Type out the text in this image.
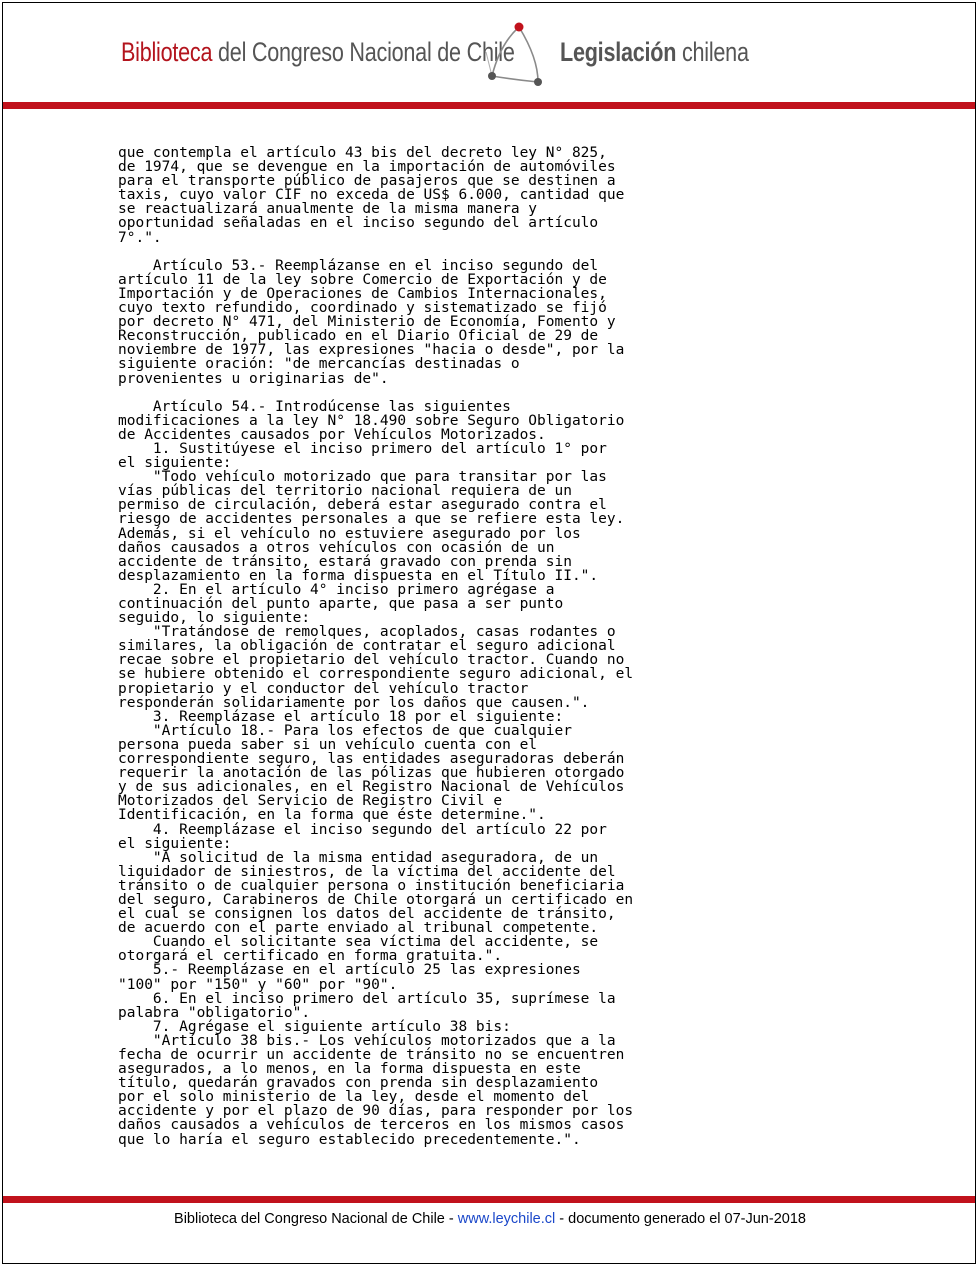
Biblioteca del Congreso Nacional de Chile Legislación chilena
que contempla el artículo 43 bis del decreto ley N° 825,
de 1974, que se devengue en la importación de automóviles
para el transporte público de pasajeros que se destinen a
taxis, cuyo valor CIF no exceda de US$ 6.000, cantidad que
se reactualizará anualmente de la misma manera y
oportunidad señaladas en el inciso segundo del artículo
7°.".

Artículo 53.- Reemplázanse en el inciso segundo del
artículo 11 de la ley sobre Comercio de Exportación y de
Importación y de Operaciones de Cambios Internacionales,
cuyo texto refundido, coordinado y sistematizado se fijó
por decreto N° 471, del Ministerio de Economía, Fomento y
Reconstrucción, publicado en el Diario Oficial de 29 de
noviembre de 1977, las expresiones "hacia o desde", por la
siguiente oración: "de mercancías destinadas o
provenientes u originarias de".

Artículo 54.- Introdúcense las siguientes
modificaciones a la ley N° 18.490 sobre Seguro Obligatorio
de Accidentes causados por Vehículos Motorizados.
1. Sustitúyese el inciso primero del artículo 1° por
el siguiente:
"Todo vehículo motorizado que para transitar por las
vías públicas del territorio nacional requiera de un
permiso de circulación, deberá estar asegurado contra el
riesgo de accidentes personales a que se refiere esta ley.
Además, si el vehículo no estuviere asegurado por los
daños causados a otros vehículos con ocasión de un
accidente de tránsito, estará gravado con prenda sin
desplazamiento en la forma dispuesta en el Título II.".
2. En el artículo 4° inciso primero agrégase a
continuación del punto aparte, que pasa a ser punto
seguido, lo siguiente:
"Tratándose de remolques, acoplados, casas rodantes o
similares, la obligación de contratar el seguro adicional
recae sobre el propietario del vehículo tractor. Cuando no
se hubiere obtenido el correspondiente seguro adicional, el
propietario y el conductor del vehículo tractor
responderán solidariamente por los daños que causen.".
3. Reemplázase el artículo 18 por el siguiente:
"Artículo 18.- Para los efectos de que cualquier
persona pueda saber si un vehículo cuenta con el
correspondiente seguro, las entidades aseguradoras deberán
requerir la anotación de las pólizas que hubieren otorgado
y de sus adicionales, en el Registro Nacional de Vehículos
Motorizados del Servicio de Registro Civil e
Identificación, en la forma que éste determine.".
4. Reemplázase el inciso segundo del artículo 22 por
el siguiente:
"A solicitud de la misma entidad aseguradora, de un
liquidador de siniestros, de la víctima del accidente del
tránsito o de cualquier persona o institución beneficiaria
del seguro, Carabineros de Chile otorgará un certificado en
el cual se consignen los datos del accidente de tránsito,
de acuerdo con el parte enviado al tribunal competente.
Cuando el solicitante sea víctima del accidente, se
otorgará el certificado en forma gratuita.".
5.- Reemplázase en el artículo 25 las expresiones
"100" por "150" y "60" por "90".
6. En el inciso primero del artículo 35, suprímese la
palabra "obligatorio".
7. Agrégase el siguiente artículo 38 bis:
"Artículo 38 bis.- Los vehículos motorizados que a la
fecha de ocurrir un accidente de tránsito no se encuentren
asegurados, a lo menos, en la forma dispuesta en este
título, quedarán gravados con prenda sin desplazamiento
por el solo ministerio de la ley, desde el momento del
accidente y por el plazo de 90 días, para responder por los
daños causados a vehículos de terceros en los mismos casos
que lo haría el seguro establecido precedentemente.".
Biblioteca del Congreso Nacional de Chile - www.leychile.cl - documento generado el 07-Jun-2018
